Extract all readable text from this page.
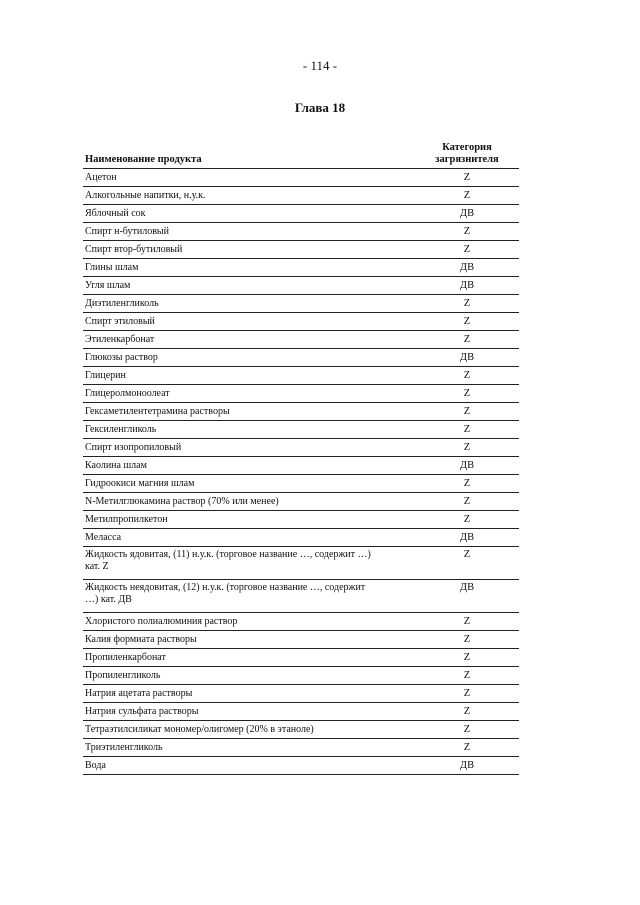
- 114 -
Глава 18
Наименование продукта	Категория загрязнителя
Ацетон	Z
Алкогольные напитки, н.у.к.	Z
Яблочный сок	ДВ
Спирт н-бутиловый	Z
Спирт втор-бутиловый	Z
Глины шлам	ДВ
Угля шлам	ДВ
Диэтиленгликоль	Z
Спирт этиловый	Z
Этиленкарбонат	Z
Глюкозы раствор	ДВ
Глицерин	Z
Глицеролмоноолеат	Z
Гексаметилентетрамина растворы	Z
Гексиленгликоль	Z
Спирт изопропиловый	Z
Каолина шлам	ДВ
Гидроокиси магния шлам	Z
N-Метилглюкамина раствор (70% или менее)	Z
Метилпропилкетон	Z
Меласса	ДВ
Жидкость ядовитая, (11) н.у.к. (торговое название …, содержит …) кат. Z	Z
Жидкость неядовитая, (12) н.у.к. (торговое название …, содержит …) кат. ДВ	ДВ
Хлористого полиалюминия раствор	Z
Калия формиата растворы	Z
Пропиленкарбонат	Z
Пропиленгликоль	Z
Натрия ацетата растворы	Z
Натрия сульфата растворы	Z
Тетраэтилсиликат мономер/олигомер (20% в этаноле)	Z
Триэтиленгликоль	Z
Вода	ДВ
